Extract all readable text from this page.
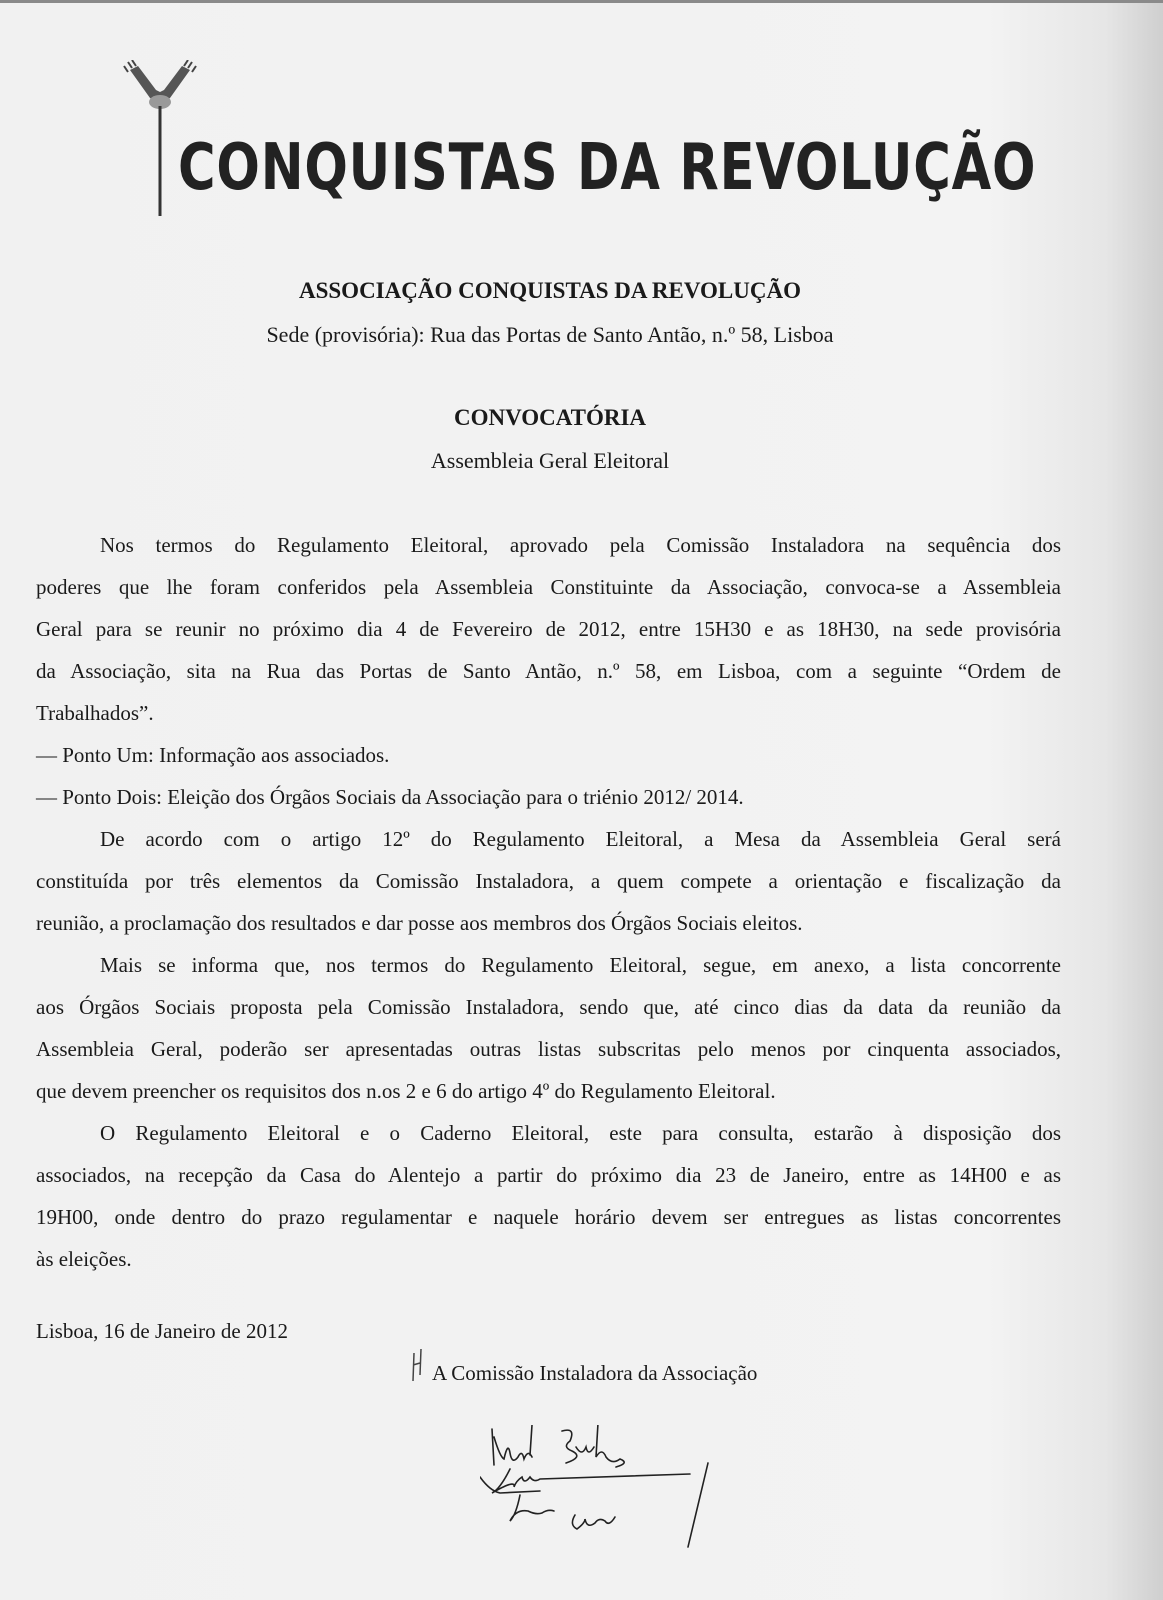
CONQUISTAS DA REVOLUÇÃO
ASSOCIAÇÃO CONQUISTAS DA REVOLUÇÃO
Sede (provisória): Rua das Portas de Santo Antão, n.º 58, Lisboa
CONVOCATÓRIA
Assembleia Geral Eleitoral
Nos termos do Regulamento Eleitoral, aprovado pela Comissão Instaladora na sequência dos
poderes que lhe foram conferidos pela Assembleia Constituinte da Associação, convoca-se a Assembleia
Geral para se reunir no próximo dia 4 de Fevereiro de 2012, entre 15H30 e as 18H30, na sede provisória
da Associação, sita na Rua das Portas de Santo Antão, n.º 58, em Lisboa, com a seguinte “Ordem de
Trabalhados”.
— Ponto Um: Informação aos associados.
— Ponto Dois: Eleição dos Órgãos Sociais da Associação para o triénio 2012/ 2014.
De acordo com o artigo 12º do Regulamento Eleitoral, a Mesa da Assembleia Geral será
constituída por três elementos da Comissão Instaladora, a quem compete a orientação e fiscalização da
reunião, a proclamação dos resultados e dar posse aos membros dos Órgãos Sociais eleitos.
Mais se informa que, nos termos do Regulamento Eleitoral, segue, em anexo, a lista concorrente
aos Órgãos Sociais proposta pela Comissão Instaladora, sendo que, até cinco dias da data da reunião da
Assembleia Geral, poderão ser apresentadas outras listas subscritas pelo menos por cinquenta associados,
que devem preencher os requisitos dos n.os 2 e 6 do artigo 4º do Regulamento Eleitoral.
O Regulamento Eleitoral e o Caderno Eleitoral, este para consulta, estarão à disposição dos
associados, na recepção da Casa do Alentejo a partir do próximo dia 23 de Janeiro, entre as 14H00 e as
19H00, onde dentro do prazo regulamentar e naquele horário devem ser entregues as listas concorrentes
às eleições.
Lisboa, 16 de Janeiro de 2012
A Comissão Instaladora da Associação
